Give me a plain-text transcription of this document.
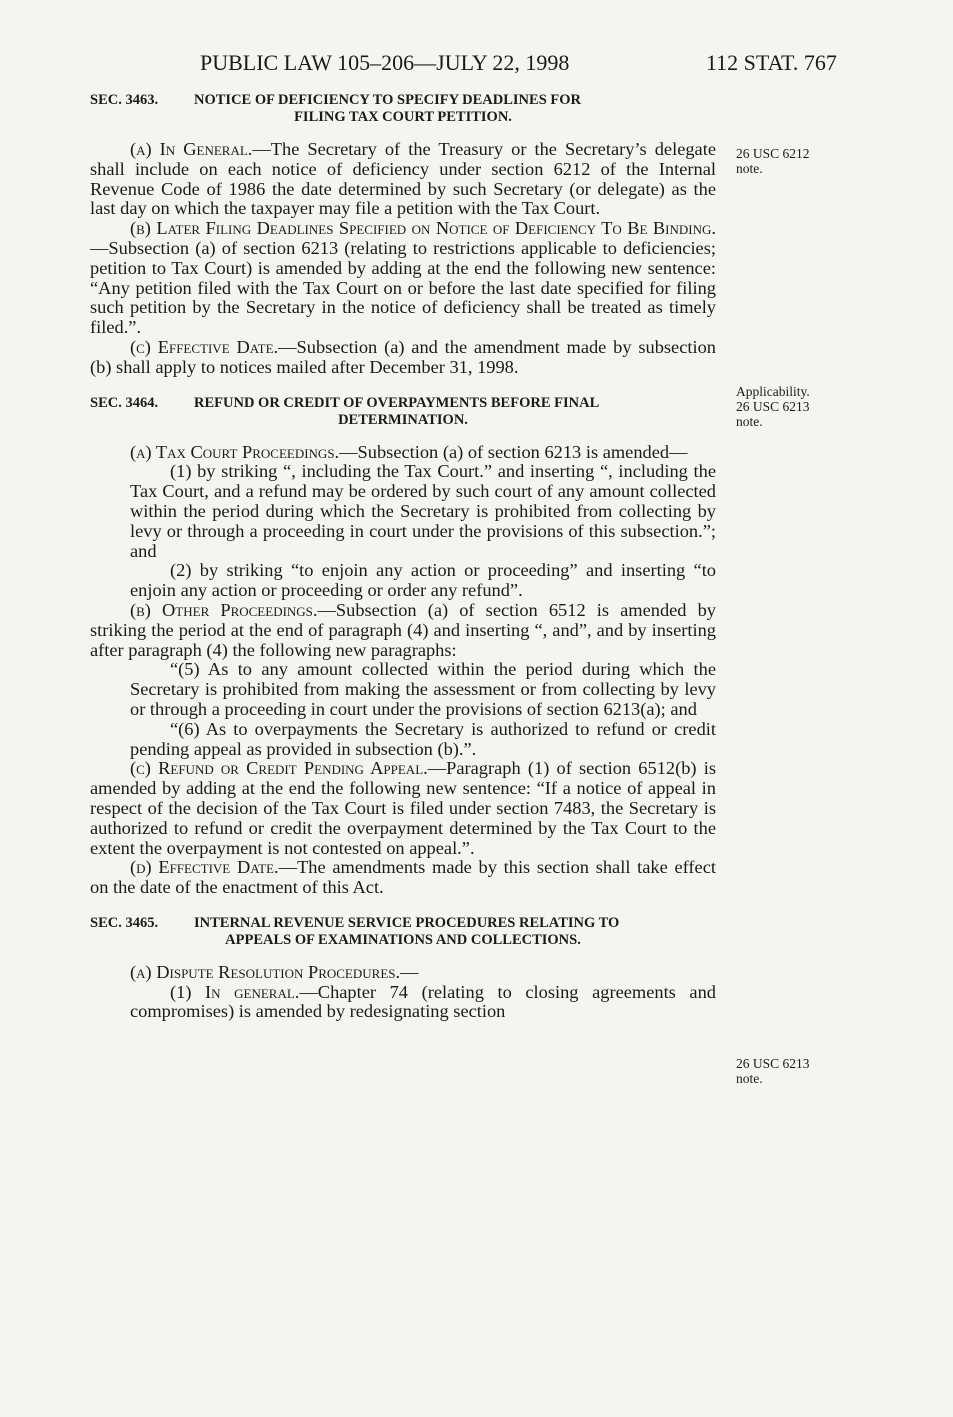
PUBLIC LAW 105–206—JULY 22, 1998	112 STAT. 767
SEC. 3463. NOTICE OF DEFICIENCY TO SPECIFY DEADLINES FOR
FILING TAX COURT PETITION.

(a) In General.—The Secretary of the Treasury or the Secretary’s delegate shall include on each notice of deficiency under section 6212 of the Internal Revenue Code of 1986 the date determined by such Secretary (or delegate) as the last day on which the taxpayer may file a petition with the Tax Court.

(b) Later Filing Deadlines Specified on Notice of Deficiency To Be Binding.—Subsection (a) of section 6213 (relating to restrictions applicable to deficiencies; petition to Tax Court) is amended by adding at the end the following new sentence: “Any petition filed with the Tax Court on or before the last date specified for filing such petition by the Secretary in the notice of deficiency shall be treated as timely filed.”.

(c) Effective Date.—Subsection (a) and the amendment made by subsection (b) shall apply to notices mailed after December 31, 1998.

SEC. 3464. REFUND OR CREDIT OF OVERPAYMENTS BEFORE FINAL
DETERMINATION.

(a) Tax Court Proceedings.—Subsection (a) of section 6213 is amended—

(1) by striking “, including the Tax Court.” and inserting “, including the Tax Court, and a refund may be ordered by such court of any amount collected within the period during which the Secretary is prohibited from collecting by levy or through a proceeding in court under the provisions of this subsection.”; and

(2) by striking “to enjoin any action or proceeding” and inserting “to enjoin any action or proceeding or order any refund”.

(b) Other Proceedings.—Subsection (a) of section 6512 is amended by striking the period at the end of paragraph (4) and inserting “, and”, and by inserting after paragraph (4) the following new paragraphs:

“(5) As to any amount collected within the period during which the Secretary is prohibited from making the assessment or from collecting by levy or through a proceeding in court under the provisions of section 6213(a); and

“(6) As to overpayments the Secretary is authorized to refund or credit pending appeal as provided in subsection (b).”.

(c) Refund or Credit Pending Appeal.—Paragraph (1) of section 6512(b) is amended by adding at the end the following new sentence: “If a notice of appeal in respect of the decision of the Tax Court is filed under section 7483, the Secretary is authorized to refund or credit the overpayment determined by the Tax Court to the extent the overpayment is not contested on appeal.”.

(d) Effective Date.—The amendments made by this section shall take effect on the date of the enactment of this Act.

SEC. 3465. INTERNAL REVENUE SERVICE PROCEDURES RELATING TO
APPEALS OF EXAMINATIONS AND COLLECTIONS.

(a) Dispute Resolution Procedures.—

(1) In general.—Chapter 74 (relating to closing agreements and compromises) is amended by redesignating section

26 USC 6212
note.
Applicability.
26 USC 6213
note.
26 USC 6213
note.
